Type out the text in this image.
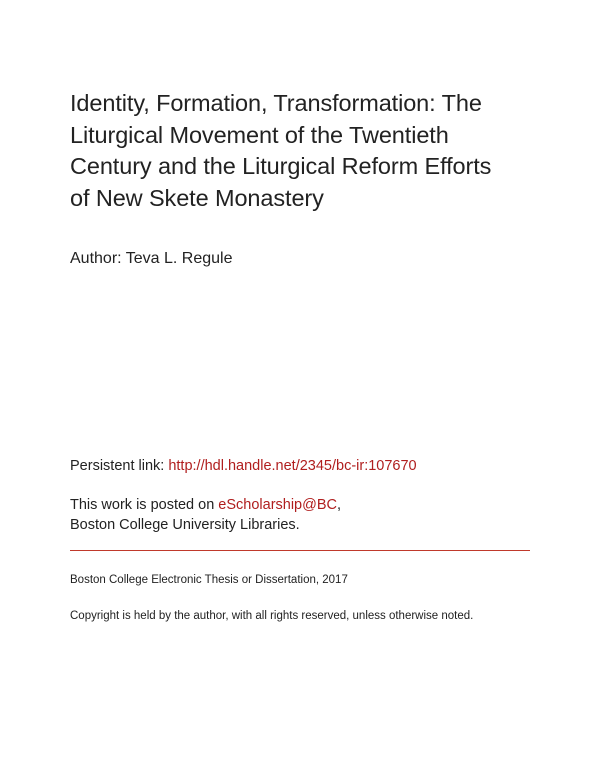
Identity, Formation, Transformation: The
Liturgical Movement of the Twentieth
Century and the Liturgical Reform Efforts
of New Skete Monastery
Author: Teva L. Regule
Persistent link: http://hdl.handle.net/2345/bc-ir:107670
This work is posted on eScholarship@BC,
Boston College University Libraries.
Boston College Electronic Thesis or Dissertation, 2017
Copyright is held by the author, with all rights reserved, unless otherwise noted.
